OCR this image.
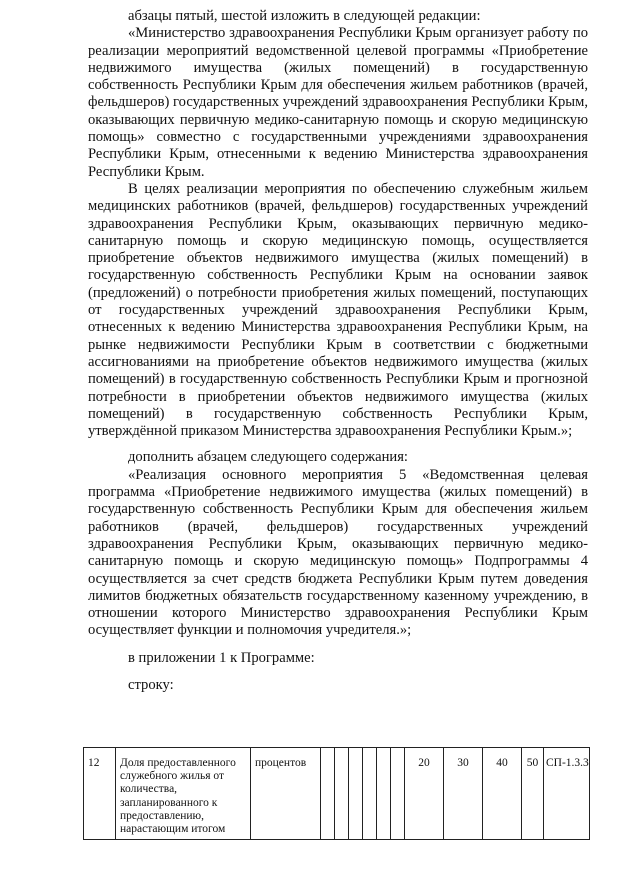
абзацы пятый, шестой изложить в следующей редакции:

«Министерство здравоохранения Республики Крым организует работу по реализации мероприятий ведомственной целевой программы «Приобретение недвижимого имущества (жилых помещений) в государственную собственность Республики Крым для обеспечения жильем работников (врачей, фельдшеров) государственных учреждений здравоохранения Республики Крым, оказывающих первичную медико-санитарную помощь и скорую медицинскую помощь» совместно с государственными учреждениями здравоохранения Республики Крым, отнесенными к ведению Министерства здравоохранения Республики Крым.

В целях реализации мероприятия по обеспечению служебным жильем медицинских работников (врачей, фельдшеров) государственных учреждений здравоохранения Республики Крым, оказывающих первичную медико-санитарную помощь и скорую медицинскую помощь, осуществляется приобретение объектов недвижимого имущества (жилых помещений) в государственную собственность Республики Крым на основании заявок (предложений) о потребности приобретения жилых помещений, поступающих от государственных учреждений здравоохранения Республики Крым, отнесенных к ведению Министерства здравоохранения Республики Крым, на рынке недвижимости Республики Крым в соответствии с бюджетными ассигнованиями на приобретение объектов недвижимого имущества (жилых помещений) в государственную собственность Республики Крым и прогнозной потребности в приобретении объектов недвижимого имущества (жилых помещений) в государственную собственность Республики Крым, утверждённой приказом Министерства здравоохранения Республики Крым.»;

дополнить абзацем следующего содержания:

«Реализация основного мероприятия 5 «Ведомственная целевая программа «Приобретение недвижимого имущества (жилых помещений) в государственную собственность Республики Крым для обеспечения жильем работников (врачей, фельдшеров) государственных учреждений здравоохранения Республики Крым, оказывающих первичную медико-санитарную помощь и скорую медицинскую помощь» Подпрограммы 4 осуществляется за счет средств бюджета Республики Крым путем доведения лимитов бюджетных обязательств государственному казенному учреждению, в отношении которого Министерство здравоохранения Республики Крым осуществляет функции и полномочия учредителя.»;

в приложении 1 к Программе:

строку:

12	Доля предоставленного служебного жилья от количества, запланированного к предоставлению, нарастающим итогом	процентов							20	30	40	50	СП-1.3.3
